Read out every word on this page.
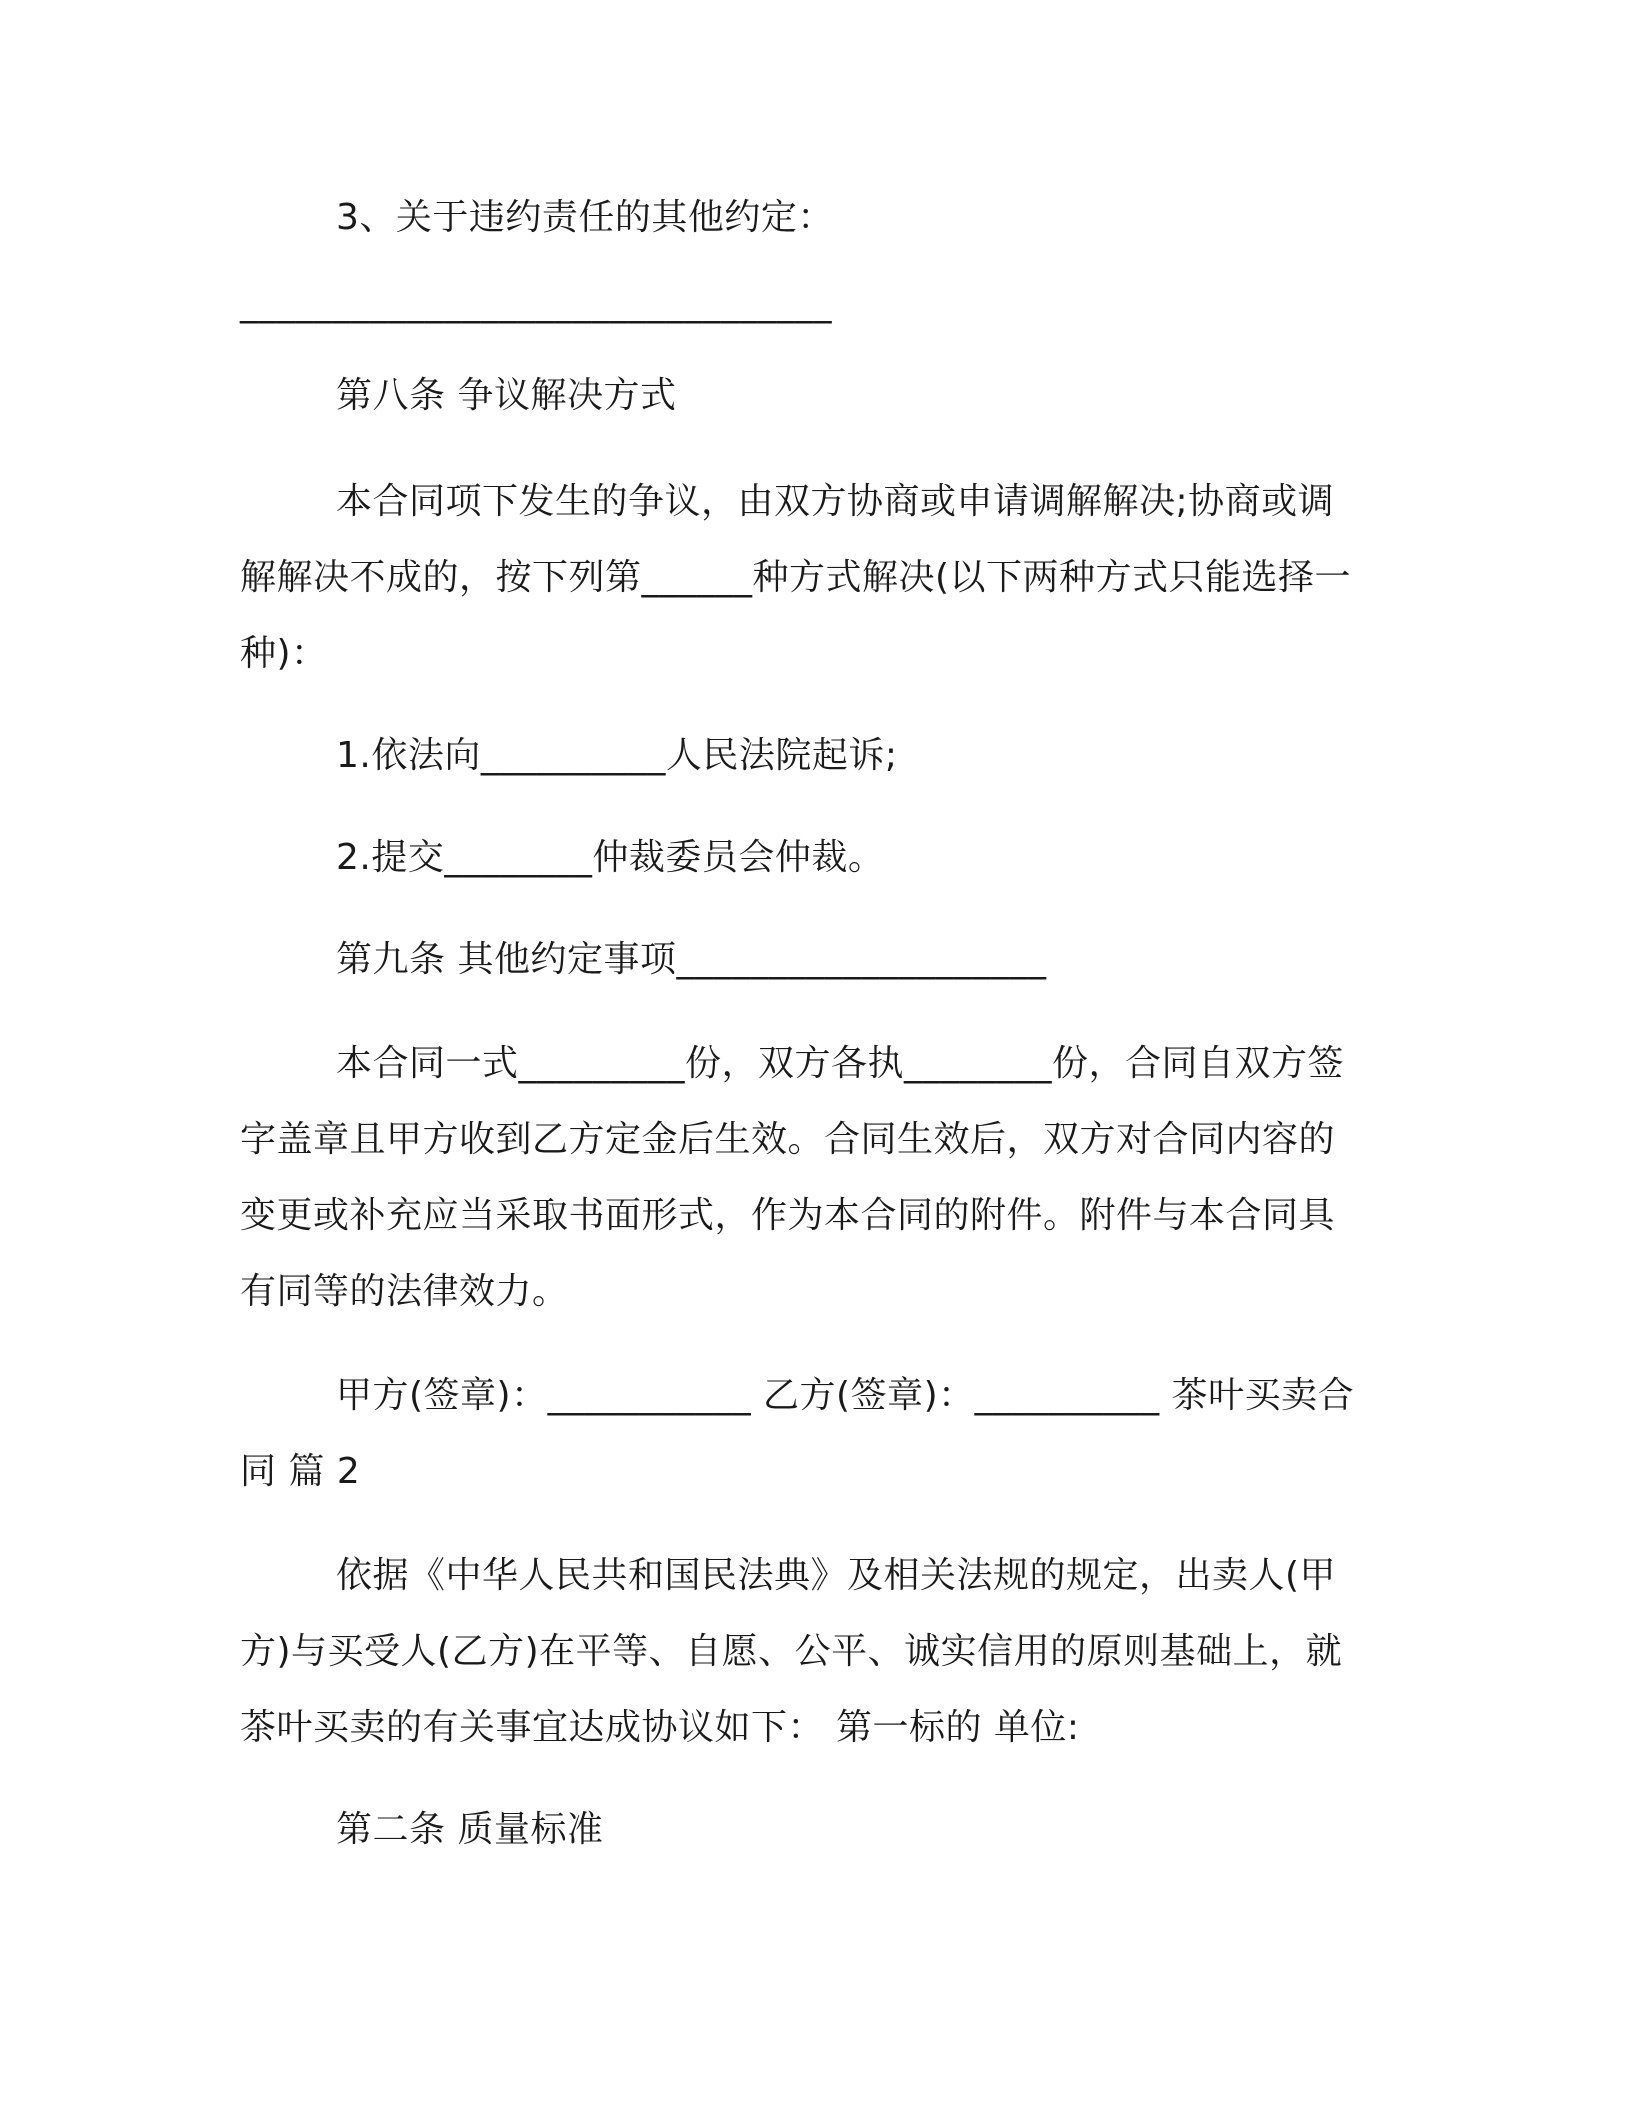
3、关于违约责任的其他约定：
________________________________
第八条 争议解决方式
本合同项下发生的争议，由双方协商或申请调解解决;协商或调
解解决不成的，按下列第______种方式解决(以下两种方式只能选择一
种)：
1.依法向__________人民法院起诉;
2.提交________仲裁委员会仲裁。
第九条 其他约定事项____________________
本合同一式_________份，双方各执________份，合同自双方签
字盖章且甲方收到乙方定金后生效。合同生效后，双方对合同内容的
变更或补充应当采取书面形式，作为本合同的附件。附件与本合同具
有同等的法律效力。
甲方(签章)：___________ 乙方(签章)：__________ 茶叶买卖合
同 篇 2
依据《中华人民共和国民法典》及相关法规的规定，出卖人(甲
方)与买受人(乙方)在平等、自愿、公平、诚实信用的原则基础上，就
茶叶买卖的有关事宜达成协议如下： 第一标的 单位:
第二条 质量标准
